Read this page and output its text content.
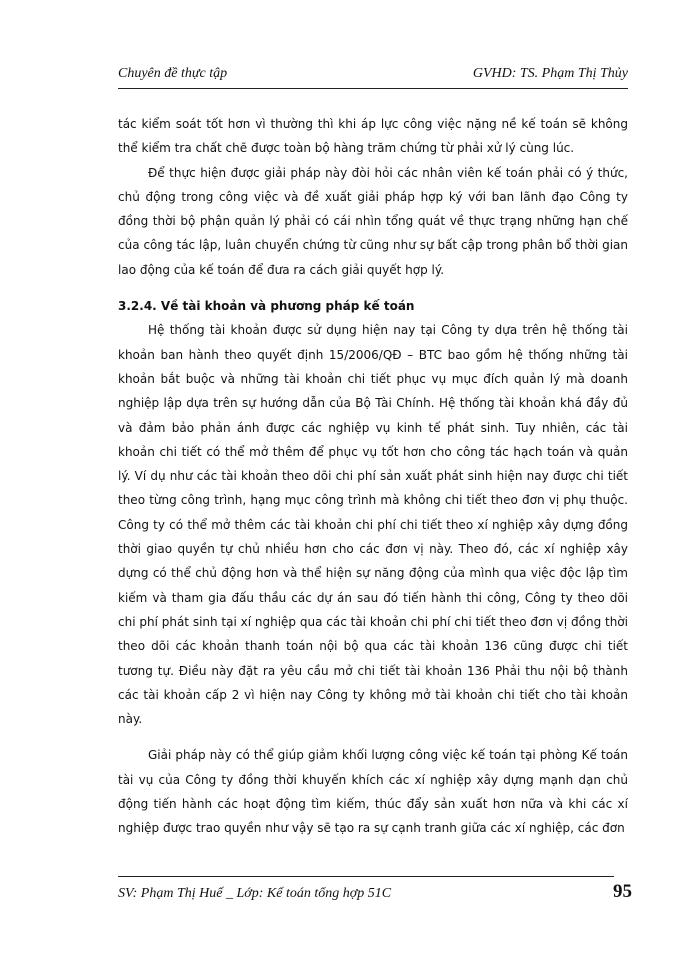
Chuyên đề thực tập	GVHD: TS. Phạm Thị Thủy

tác kiểm soát tốt hơn vì thường thì khi áp lực công việc nặng nề kế toán sẽ không thể kiểm tra chất chẽ được toàn bộ hàng trăm chứng từ phải xử lý cùng lúc.

Để thực hiện được giải pháp này đòi hỏi các nhân viên kế toán phải có ý thức, chủ động trong công việc và đề xuất giải pháp hợp ký với ban lãnh đạo Công ty đồng thời bộ phận quản lý phải có cái nhìn tổng quát về thực trạng những hạn chế của công tác lập, luân chuyển chứng từ cũng như sự bất cập trong phân bổ thời gian lao động của kế toán để đưa ra cách giải quyết hợp lý.

3.2.4. Về tài khoản và phương pháp kế toán

Hệ thống tài khoản được sử dụng hiện nay tại Công ty dựa trên hệ thống tài khoản ban hành theo quyết định 15/2006/QĐ – BTC bao gồm hệ thống những tài khoản bắt buộc và những tài khoản chi tiết phục vụ mục đích quản lý mà doanh nghiệp lập dựa trên sự hướng dẫn của Bộ Tài Chính. Hệ thống tài khoản khá đầy đủ và đảm bảo phản ánh được các nghiệp vụ kinh tế phát sinh. Tuy nhiên, các tài khoản chi tiết có thể mở thêm để phục vụ tốt hơn cho công tác hạch toán và quản lý. Ví dụ như các tài khoản theo dõi chi phí sản xuất phát sinh hiện nay được chi tiết theo từng công trình, hạng mục công trình mà không chi tiết theo đơn vị phụ thuộc. Công ty có thể mở thêm các tài khoản chi phí chi tiết theo xí nghiệp xây dựng đồng thời giao quyền tự chủ nhiều hơn cho các đơn vị này. Theo đó, các xí nghiệp xây dựng có thể chủ động hơn và thể hiện sự năng động của mình qua việc độc lập tìm kiếm và tham gia đấu thầu các dự án sau đó tiến hành thi công, Công ty theo dõi chi phí phát sinh tại xí nghiệp qua các tài khoản chi phí chi tiết theo đơn vị đồng thời theo dõi các khoản thanh toán nội bộ qua các tài khoản 136 cũng được chi tiết tương tự. Điều này đặt ra yêu cầu mở chi tiết tài khoản 136 Phải thu nội bộ thành các tài khoản cấp 2 vì hiện nay Công ty không mở tài khoản chi tiết cho tài khoản này.

Giải pháp này có thể giúp giảm khối lượng công việc kế toán tại phòng Kế toán tài vụ của Công ty đồng thời khuyến khích các xí nghiệp xây dựng mạnh dạn chủ động tiến hành các hoạt động tìm kiếm, thúc đẩy sản xuất hơn nữa và khi các xí nghiệp được trao quyền như vậy sẽ tạo ra sự cạnh tranh giữa các xí nghiệp, các đơn

SV: Phạm Thị Huế _ Lớp: Kế toán tổng hợp 51C	95
